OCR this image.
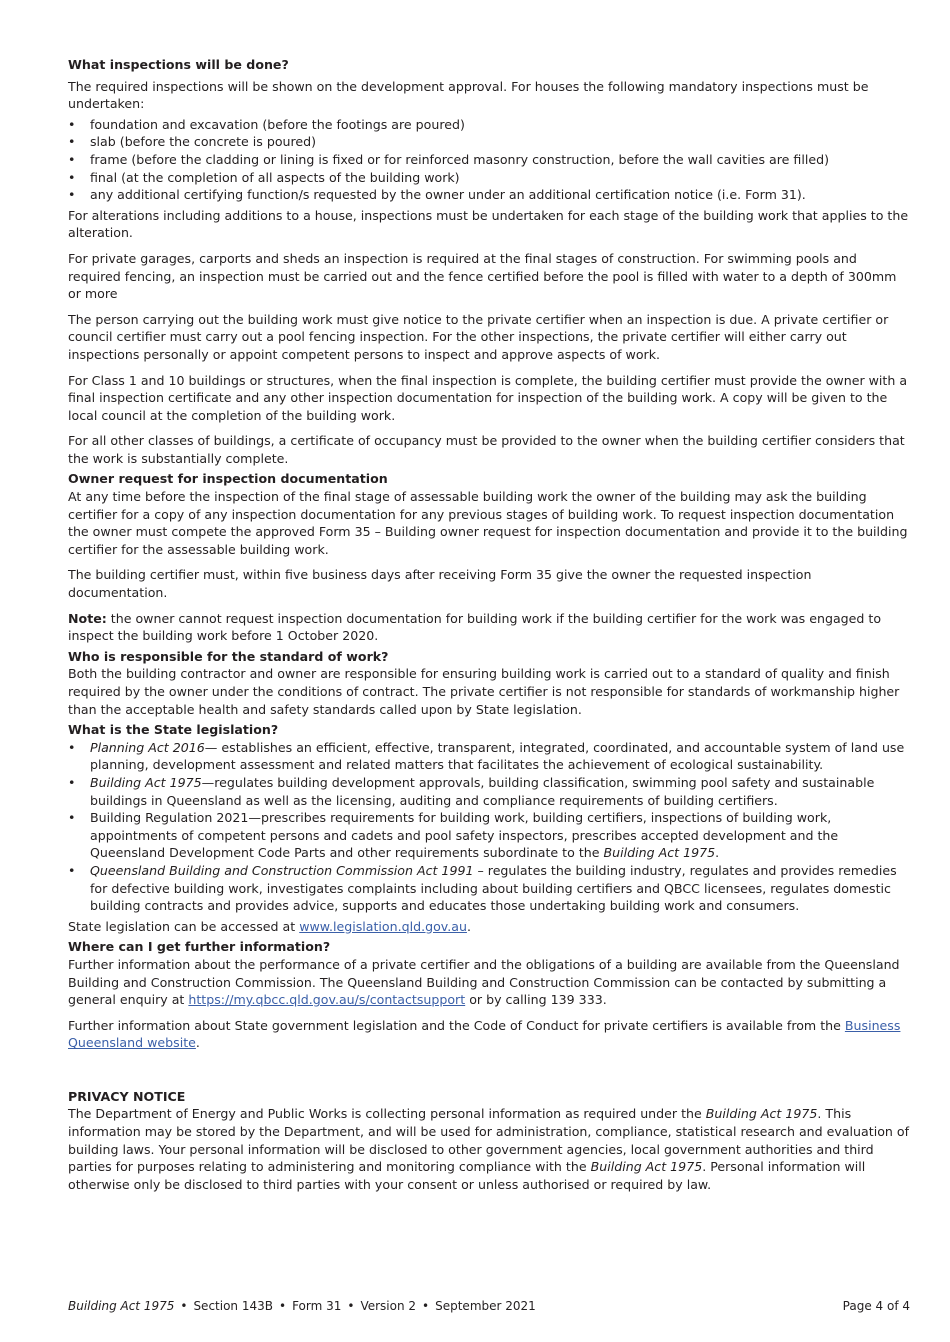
What inspections will be done?

The required inspections will be shown on the development approval. For houses the following mandatory inspections must be undertaken:

• foundation and excavation (before the footings are poured)
• slab (before the concrete is poured)
• frame (before the cladding or lining is fixed or for reinforced masonry construction, before the wall cavities are filled)
• final (at the completion of all aspects of the building work)
• any additional certifying function/s requested by the owner under an additional certification notice (i.e. Form 31).

For alterations including additions to a house, inspections must be undertaken for each stage of the building work that applies to the alteration.

For private garages, carports and sheds an inspection is required at the final stages of construction. For swimming pools and required fencing, an inspection must be carried out and the fence certified before the pool is filled with water to a depth of 300mm or more

The person carrying out the building work must give notice to the private certifier when an inspection is due. A private certifier or council certifier must carry out a pool fencing inspection. For the other inspections, the private certifier will either carry out inspections personally or appoint competent persons to inspect and approve aspects of work.

For Class 1 and 10 buildings or structures, when the final inspection is complete, the building certifier must provide the owner with a final inspection certificate and any other inspection documentation for inspection of the building work. A copy will be given to the local council at the completion of the building work.

For all other classes of buildings, a certificate of occupancy must be provided to the owner when the building certifier considers that the work is substantially complete.

Owner request for inspection documentation

At any time before the inspection of the final stage of assessable building work the owner of the building may ask the building certifier for a copy of any inspection documentation for any previous stages of building work. To request inspection documentation the owner must compete the approved Form 35 – Building owner request for inspection documentation and provide it to the building certifier for the assessable building work.

The building certifier must, within five business days after receiving Form 35 give the owner the requested inspection documentation.

Note: the owner cannot request inspection documentation for building work if the building certifier for the work was engaged to inspect the building work before 1 October 2020.

Who is responsible for the standard of work?

Both the building contractor and owner are responsible for ensuring building work is carried out to a standard of quality and finish required by the owner under the conditions of contract. The private certifier is not responsible for standards of workmanship higher than the acceptable health and safety standards called upon by State legislation.

What is the State legislation?
• Planning Act 2016— establishes an efficient, effective, transparent, integrated, coordinated, and accountable system of land use planning, development assessment and related matters that facilitates the achievement of ecological sustainability.
• Building Act 1975—regulates building development approvals, building classification, swimming pool safety and sustainable buildings in Queensland as well as the licensing, auditing and compliance requirements of building certifiers.
• Building Regulation 2021—prescribes requirements for building work, building certifiers, inspections of building work, appointments of competent persons and cadets and pool safety inspectors, prescribes accepted development and the Queensland Development Code Parts and other requirements subordinate to the Building Act 1975.
• Queensland Building and Construction Commission Act 1991 – regulates the building industry, regulates and provides remedies for defective building work, investigates complaints including about building certifiers and QBCC licensees, regulates domestic building contracts and provides advice, supports and educates those undertaking building work and consumers.

State legislation can be accessed at www.legislation.qld.gov.au.

Where can I get further information?

Further information about the performance of a private certifier and the obligations of a building are available from the Queensland Building and Construction Commission. The Queensland Building and Construction Commission can be contacted by submitting a general enquiry at https://my.qbcc.qld.gov.au/s/contactsupport or by calling 139 333.

Further information about State government legislation and the Code of Conduct for private certifiers is available from the Business Queensland website.

PRIVACY NOTICE

The Department of Energy and Public Works is collecting personal information as required under the Building Act 1975. This information may be stored by the Department, and will be used for administration, compliance, statistical research and evaluation of building laws. Your personal information will be disclosed to other government agencies, local government authorities and third parties for purposes relating to administering and monitoring compliance with the Building Act 1975. Personal information will otherwise only be disclosed to third parties with your consent or unless authorised or required by law.

Building Act 1975 • Section 143B • Form 31 • Version 2 • September 2021	Page 4 of 4
